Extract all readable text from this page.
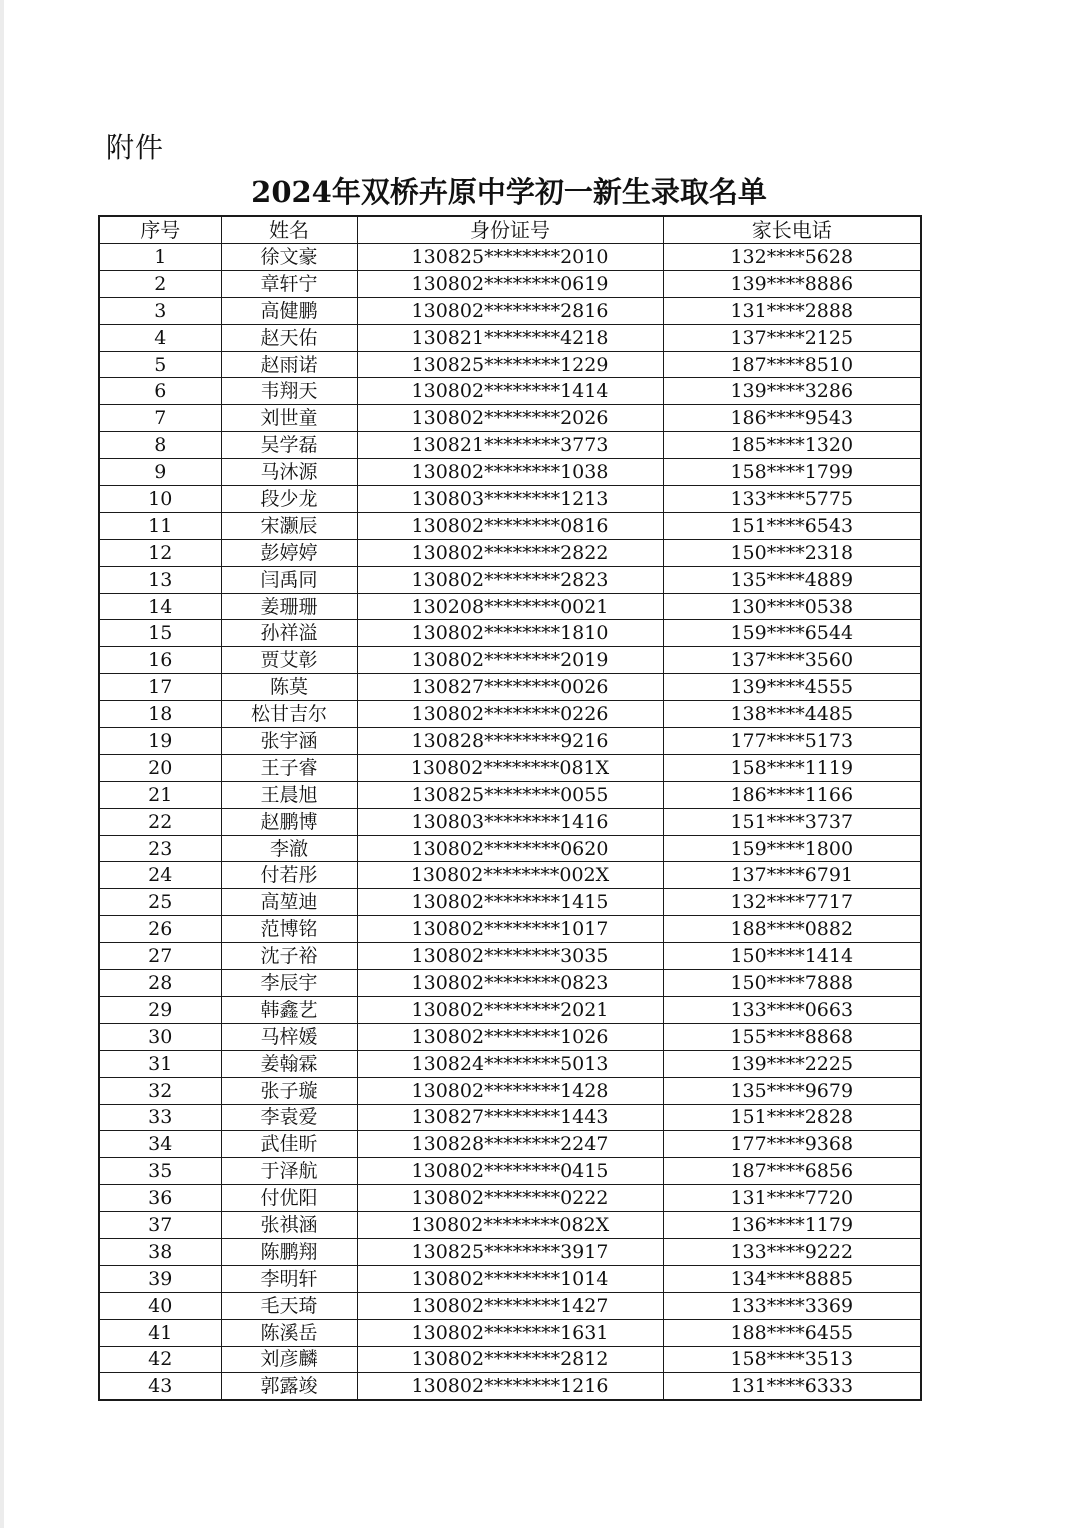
附件
2024年双桥卉原中学初一新生录取名单
序号	姓名	身份证号	家长电话
1	徐文豪	130825********2010	132****5628
2	章轩宁	130802********0619	139****8886
3	高健鹏	130802********2816	131****2888
4	赵天佑	130821********4218	137****2125
5	赵雨诺	130825********1229	187****8510
6	韦翔天	130802********1414	139****3286
7	刘世童	130802********2026	186****9543
8	吴学磊	130821********3773	185****1320
9	马沐源	130802********1038	158****1799
10	段少龙	130803********1213	133****5775
11	宋灏辰	130802********0816	151****6543
12	彭婷婷	130802********2822	150****2318
13	闫禹同	130802********2823	135****4889
14	姜珊珊	130208********0021	130****0538
15	孙祥溢	130802********1810	159****6544
16	贾艾彰	130802********2019	137****3560
17	陈莫	130827********0026	139****4555
18	松甘吉尔	130802********0226	138****4485
19	张宇涵	130828********9216	177****5173
20	王子睿	130802********081X	158****1119
21	王晨旭	130825********0055	186****1166
22	赵鹏博	130803********1416	151****3737
23	李澈	130802********0620	159****1800
24	付若彤	130802********002X	137****6791
25	高堃迪	130802********1415	132****7717
26	范博铭	130802********1017	188****0882
27	沈子裕	130802********3035	150****1414
28	李辰宇	130802********0823	150****7888
29	韩鑫艺	130802********2021	133****0663
30	马梓媛	130802********1026	155****8868
31	姜翰霖	130824********5013	139****2225
32	张子璇	130802********1428	135****9679
33	李袁爱	130827********1443	151****2828
34	武佳昕	130828********2247	177****9368
35	于泽航	130802********0415	187****6856
36	付优阳	130802********0222	131****7720
37	张祺涵	130802********082X	136****1179
38	陈鹏翔	130825********3917	133****9222
39	李明轩	130802********1014	134****8885
40	毛天琦	130802********1427	133****3369
41	陈溪岳	130802********1631	188****6455
42	刘彦麟	130802********2812	158****3513
43	郭露竣	130802********1216	131****6333
